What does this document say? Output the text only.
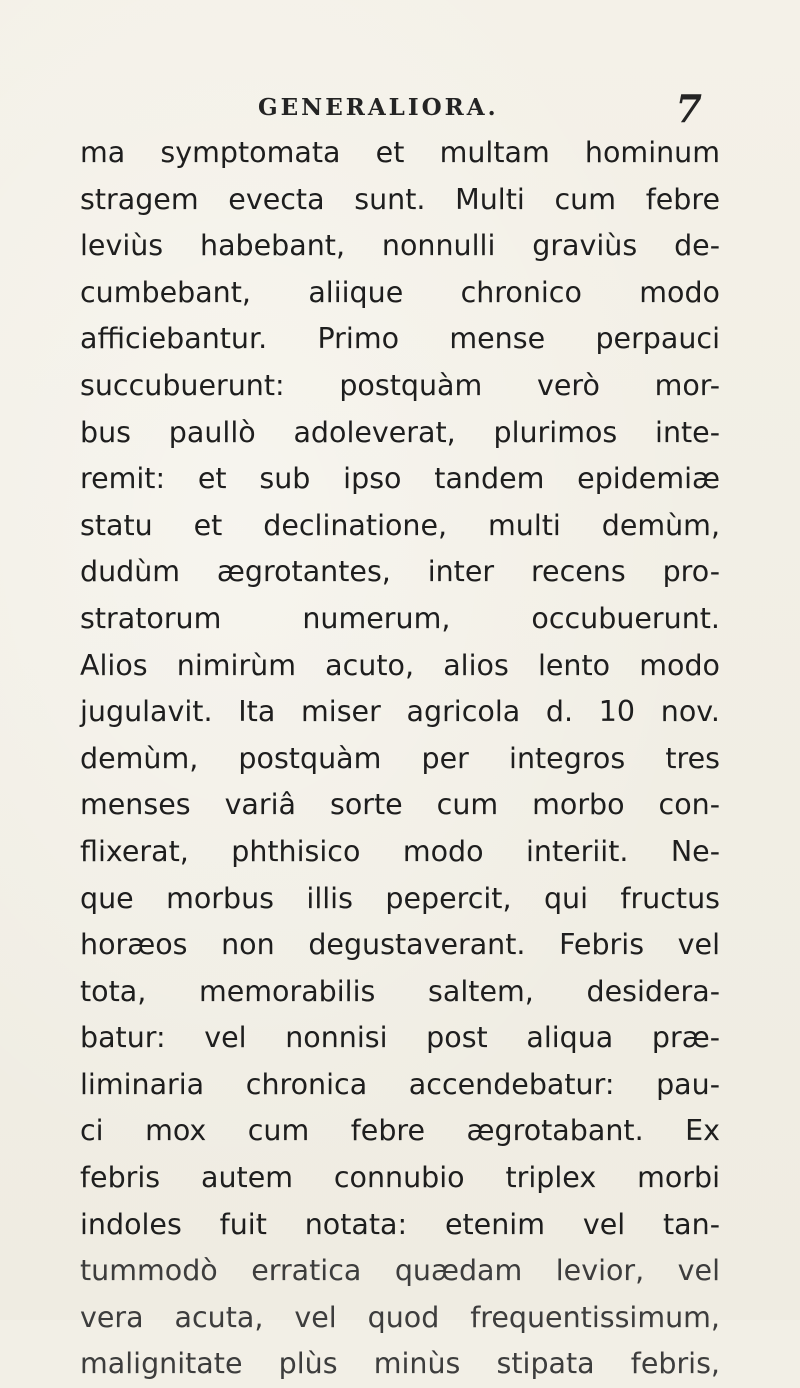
GENERALIORA.	7
ma symptomata et multam hominum
stragem evecta sunt. Multi cum febre
leviùs habebant, nonnulli graviùs de-
cumbebant, aliique chronico modo
afficiebantur. Primo mense perpauci
succubuerunt: postquàm verò mor-
bus paullò adoleverat, plurimos inte-
remit: et sub ipso tandem epidemiæ
statu et declinatione, multi demùm,
dudùm ægrotantes, inter recens pro-
stratorum numerum, occubuerunt.
Alios nimirùm acuto, alios lento modo
jugulavit. Ita miser agricola d. 10 nov.
demùm, postquàm per integros tres
menses variâ sorte cum morbo con-
flixerat, phthisico modo interiit. Ne-
que morbus illis pepercit, qui fructus
horæos non degustaverant. Febris vel
tota, memorabilis saltem, desidera-
batur: vel nonnisi post aliqua præ-
liminaria chronica accendebatur: pau-
ci mox cum febre ægrotabant. Ex
febris autem connubio triplex morbi
indoles fuit notata: etenim vel tan-
tummodò erratica quædam levior, vel
vera acuta, vel quod frequentissimum,
malignitate plùs minùs stipata febris,
